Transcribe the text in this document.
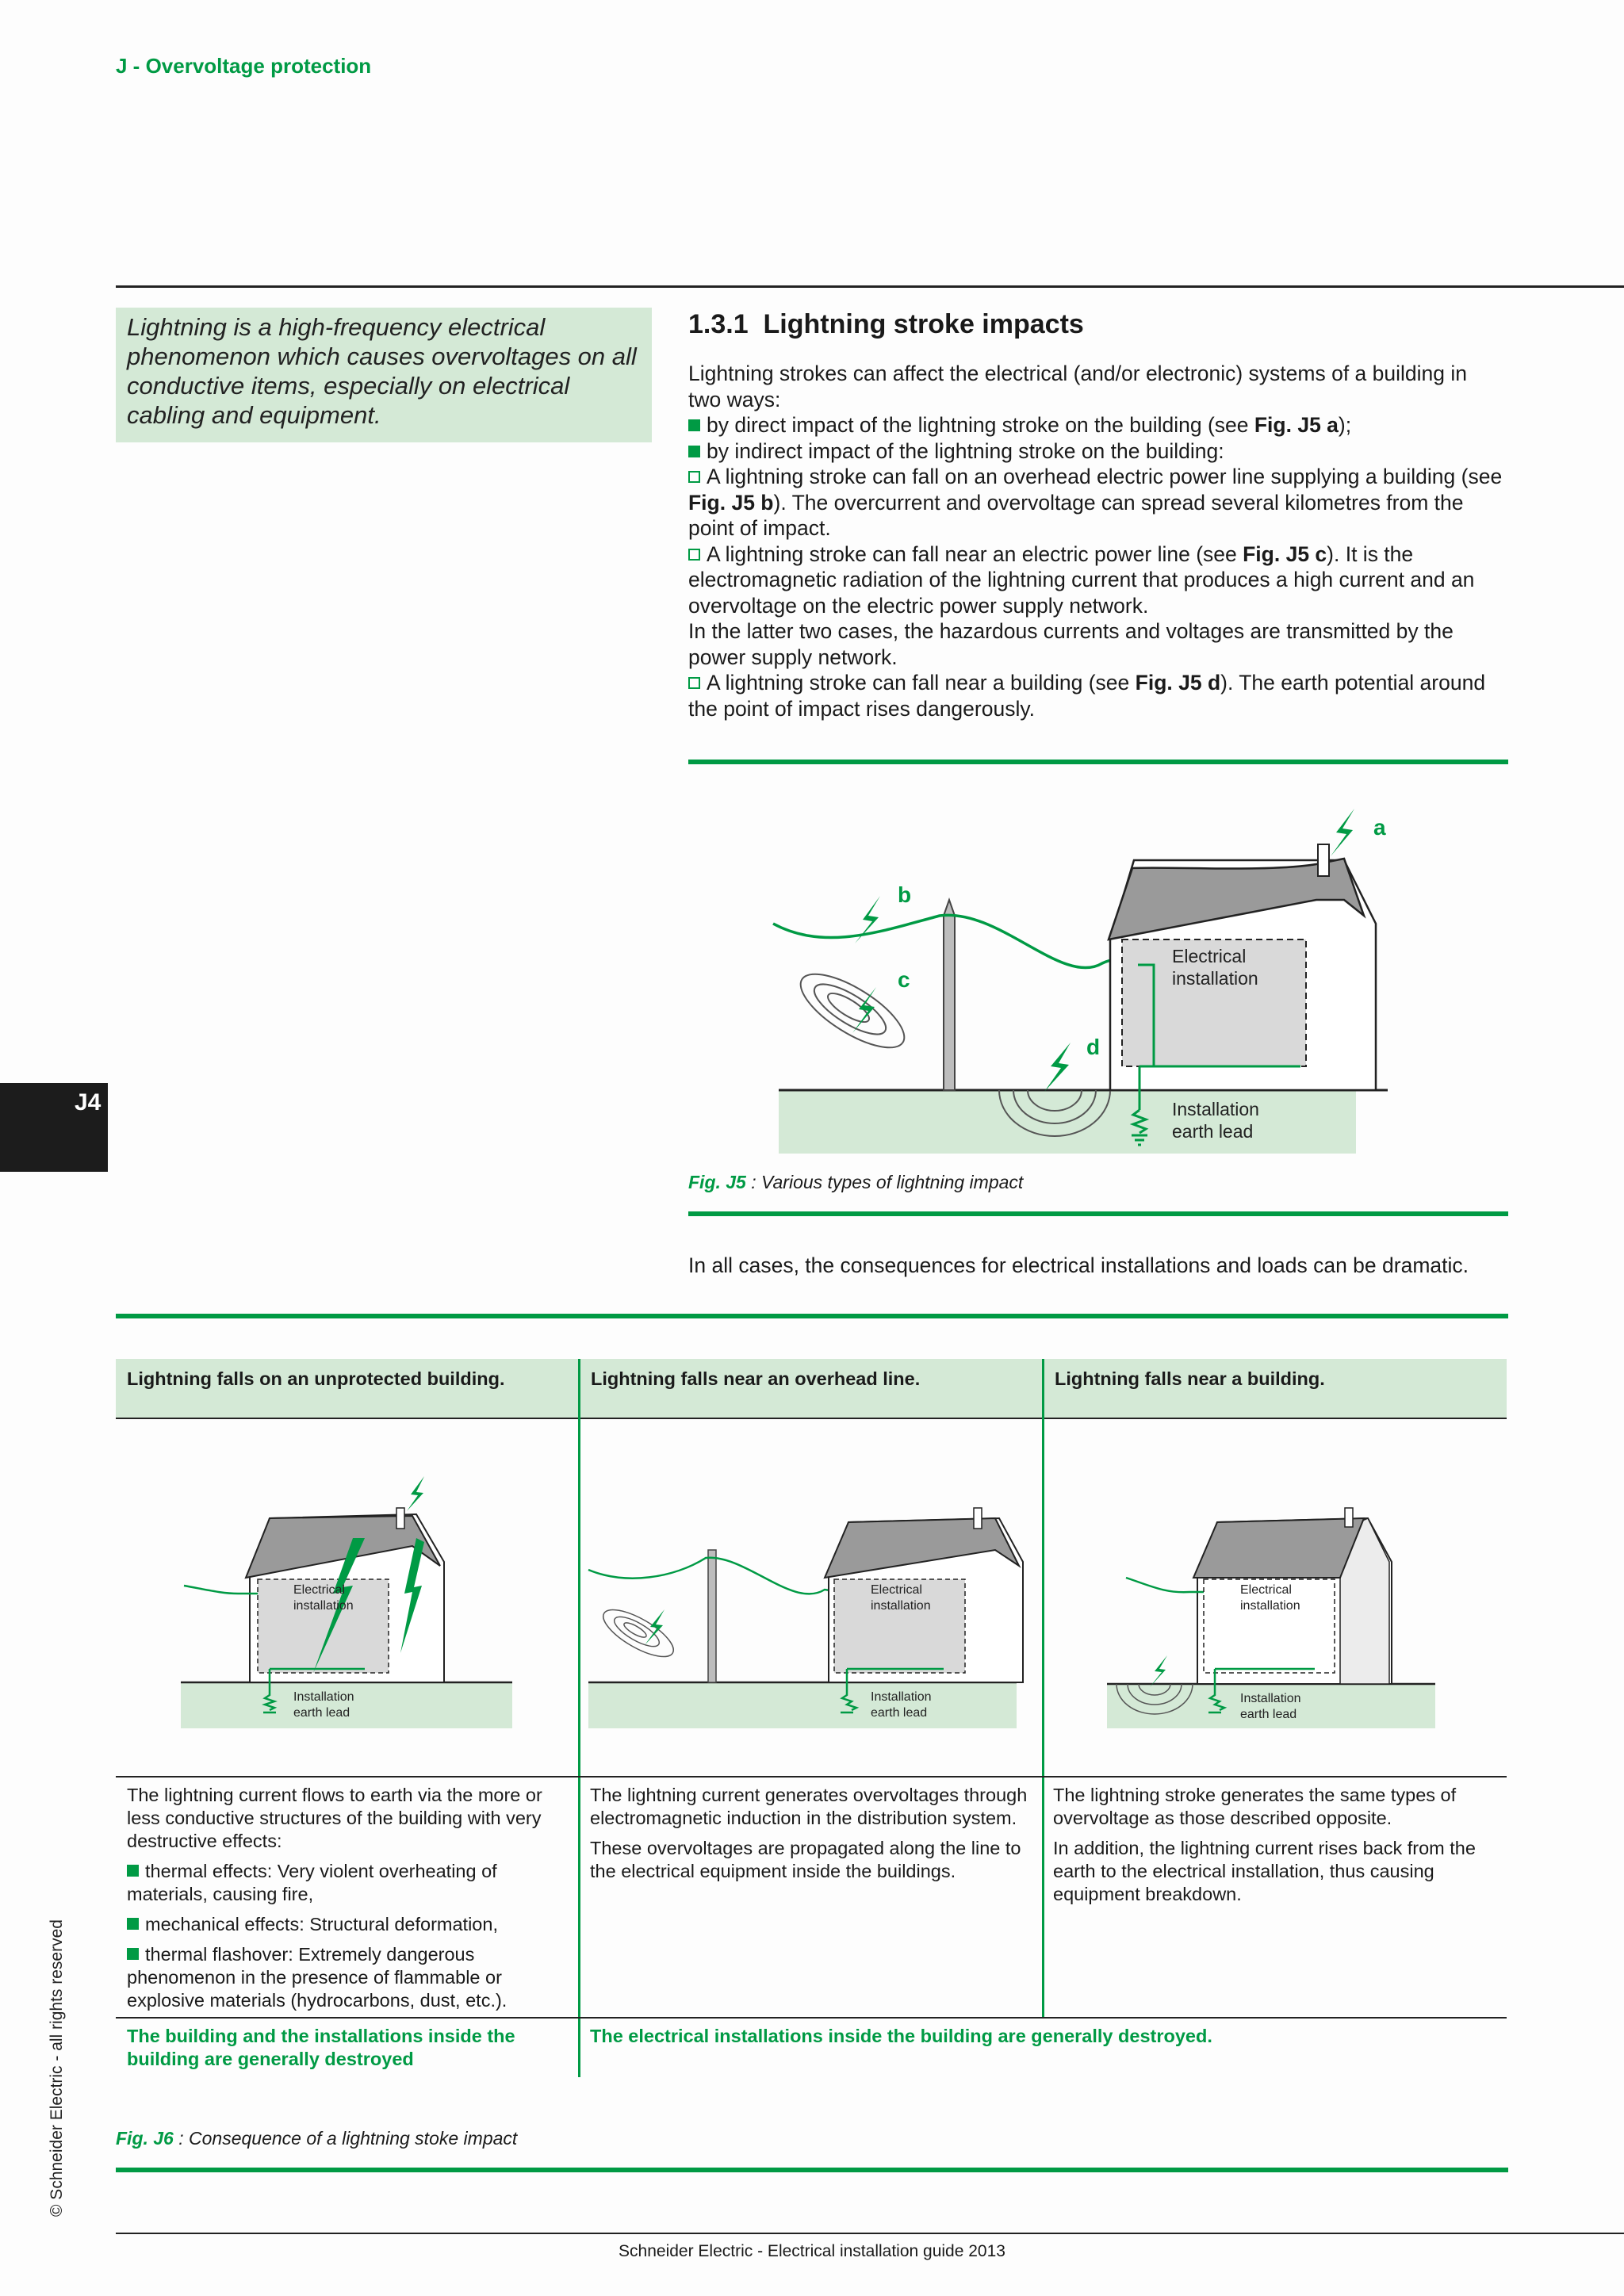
J - Overvoltage protection
Lightning is a high-frequency electrical phenomenon which causes overvoltages on all conductive items, especially on electrical cabling and equipment.
1.3.1 Lightning stroke impacts
Lightning strokes can affect the electrical (and/or electronic) systems of a building in two ways:
by direct impact of the lightning stroke on the building (see Fig. J5 a);
by indirect impact of the lightning stroke on the building:
A lightning stroke can fall on an overhead electric power line supplying a building (see Fig. J5 b). The overcurrent and overvoltage can spread several kilometres from the point of impact.
A lightning stroke can fall near an electric power line (see Fig. J5 c). It is the electromagnetic radiation of the lightning current that produces a high current and an overvoltage on the electric power supply network.
In the latter two cases, the hazardous currents and voltages are transmitted by the power supply network.
A lightning stroke can fall near a building (see Fig. J5 d). The earth potential around the point of impact rises dangerously.
a
b
c
d
Electrical
installation
Installation
earth lead
Fig. J5 : Various types of lightning impact
In all cases, the consequences for electrical installations and loads can be dramatic.
Lightning falls on an unprotected building.	Lightning falls near an overhead line.	Lightning falls near a building.
Electrical
installation
Installation
earth lead
Electrical
installation
Installation
earth lead
Electrical
installation
Installation
earth lead

The lightning current flows to earth via the more or less conductive structures of the building with very destructive effects:

thermal effects: Very violent overheating of materials, causing fire,

mechanical effects: Structural deformation,

thermal flashover: Extremely dangerous phenomenon in the presence of flammable or explosive materials (hydrocarbons, dust, etc.).

The lightning current generates overvoltages through electromagnetic induction in the distribution system.

These overvoltages are propagated along the line to the electrical equipment inside the buildings.

The lightning stroke generates the same types of overvoltage as those described opposite.

In addition, the lightning current rises back from the earth to the electrical installation, thus causing equipment breakdown.

The building and the installations inside the building are generally destroyed
The electrical installations inside the building are generally destroyed.
Fig. J6 : Consequence of a lightning stoke impact
J4
© Schneider Electric - all rights reserved
Schneider Electric - Electrical installation guide 2013
